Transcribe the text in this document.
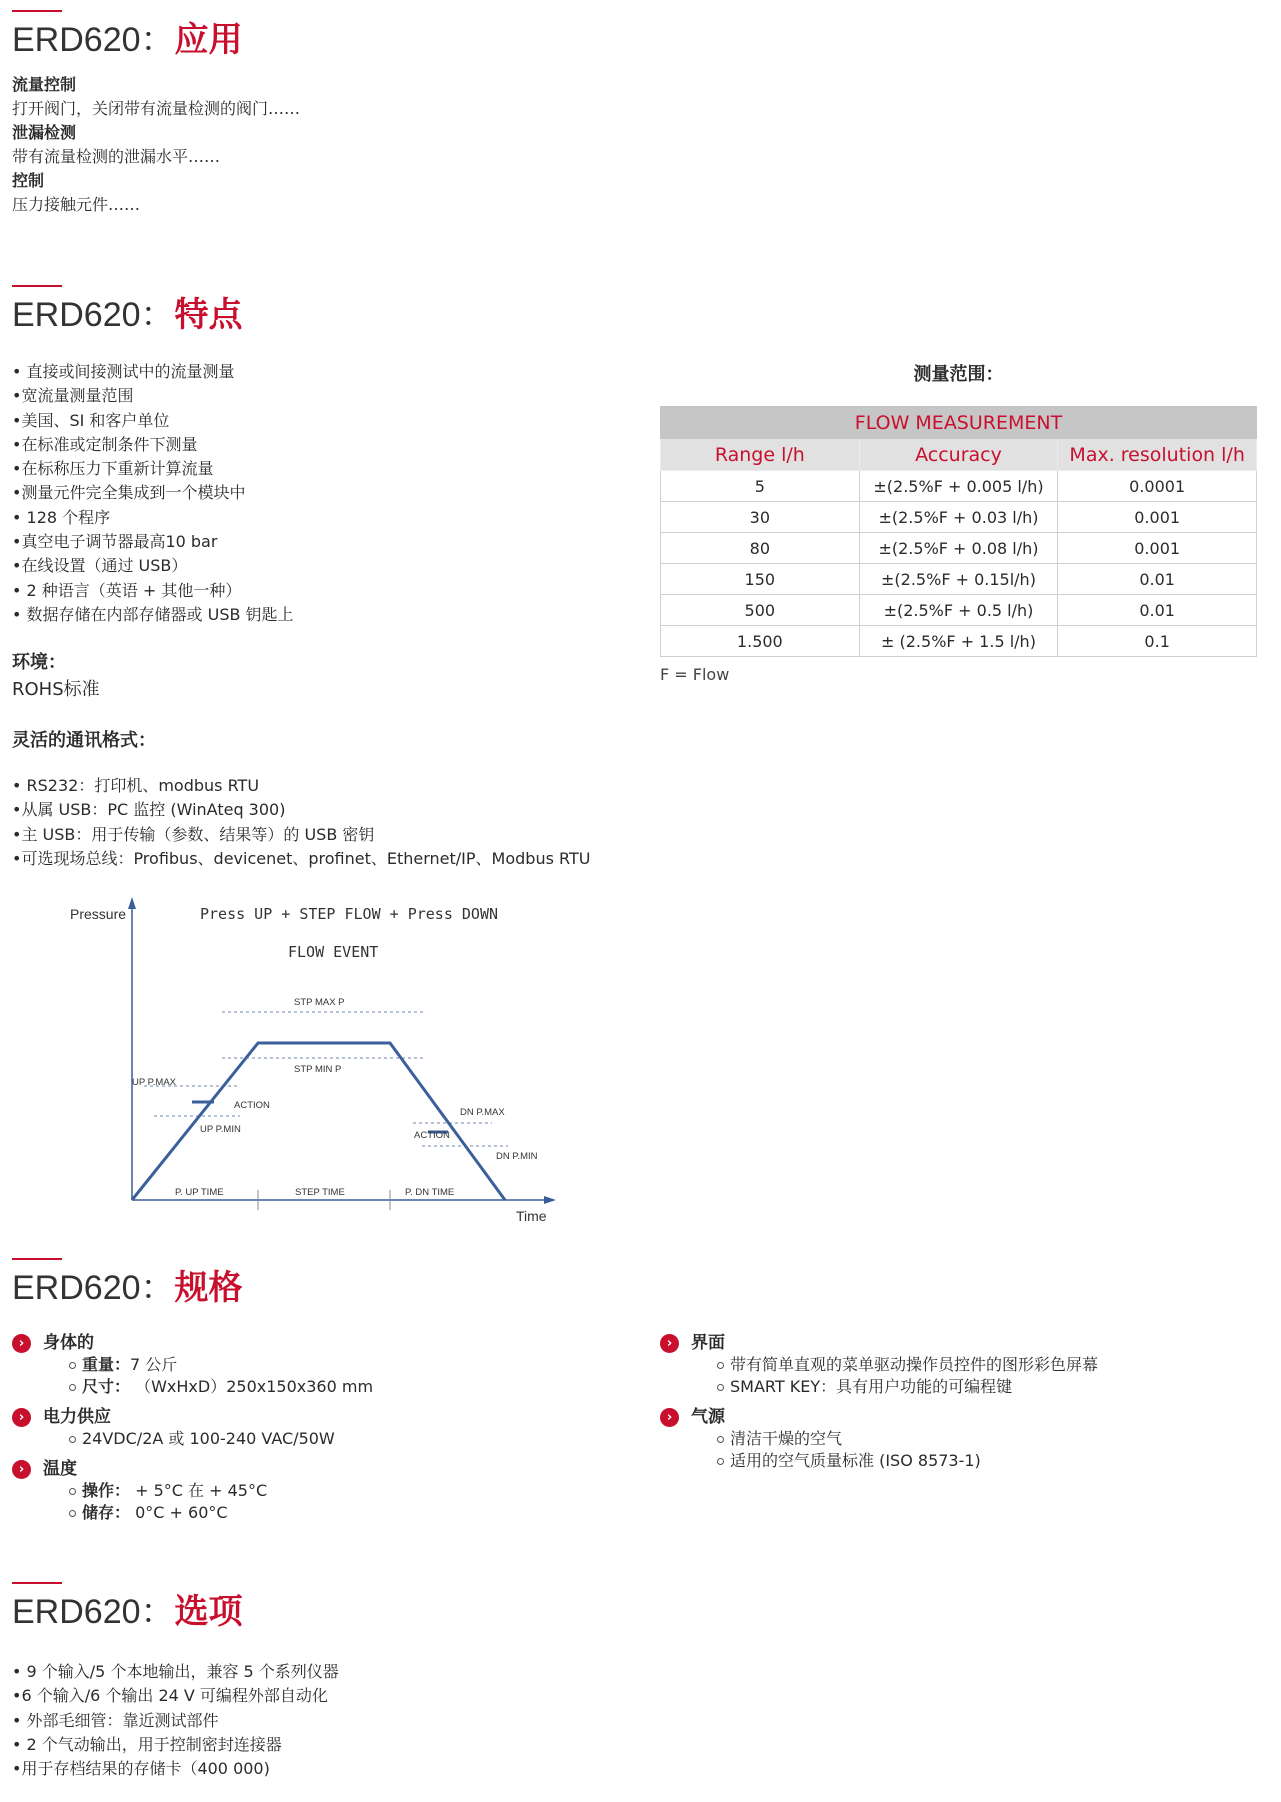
ERD620：应用
流量控制
打开阀门，关闭带有流量检测的阀门……
泄漏检测
带有流量检测的泄漏水平……
控制
压力接触元件……
ERD620：特点
• 直接或间接测试中的流量测量
•宽流量测量范围
•美国、SI 和客户单位
•在标准或定制条件下测量
•在标称压力下重新计算流量
•测量元件完全集成到一个模块中
• 128 个程序
•真空电子调节器最高10 bar
•在线设置（通过 USB）
• 2 种语言（英语 + 其他一种）
• 数据存储在内部存储器或 USB 钥匙上
环境：
ROHS标准
灵活的通讯格式：
• RS232：打印机、modbus RTU
•从属 USB：PC 监控 (WinAteq 300)
•主 USB：用于传输（参数、结果等）的 USB 密钥
•可选现场总线：Profibus、devicenet、profinet、Ethernet/IP、Modbus RTU
测量范围：
FLOW MEASUREMENT		
Range l/h	Accuracy	Max. resolution l/h
5	±(2.5%F + 0.005 l/h)	0.0001
30	±(2.5%F + 0.03 l/h)	0.001
80	±(2.5%F + 0.08 l/h)	0.001
150	±(2.5%F + 0.15l/h)	0.01
500	±(2.5%F + 0.5 l/h)	0.01
1.500	± (2.5%F + 1.5 l/h)	0.1
F = Flow
Pressure	Press UP + STEP FLOW + Press DOWN
FLOW EVENT
Time
STP MAX P
STP MIN P
UP P.MAX
ACTION
UP P.MIN
DN P.MAX
ACTION
DN P.MIN
P. UP TIME	STEP TIME	P. DN TIME
ERD620：规格
›	身体的
重量：7 公斤
尺寸： （WxHxD）250x150x360 mm
›	电力供应
24VDC/2A 或 100-240 VAC/50W
›	温度
操作： + 5°C 在 + 45°C
储存： 0°C + 60°C
›	界面
带有简单直观的菜单驱动操作员控件的图形彩色屏幕
SMART KEY：具有用户功能的可编程键
›	气源
清洁干燥的空气
适用的空气质量标准 (ISO 8573-1)
ERD620：选项
• 9 个输入/5 个本地输出，兼容 5 个系列仪器
•6 个输入/6 个输出 24 V 可编程外部自动化
• 外部毛细管：靠近测试部件
• 2 个气动输出，用于控制密封连接器
•用于存档结果的存储卡（400 000)
